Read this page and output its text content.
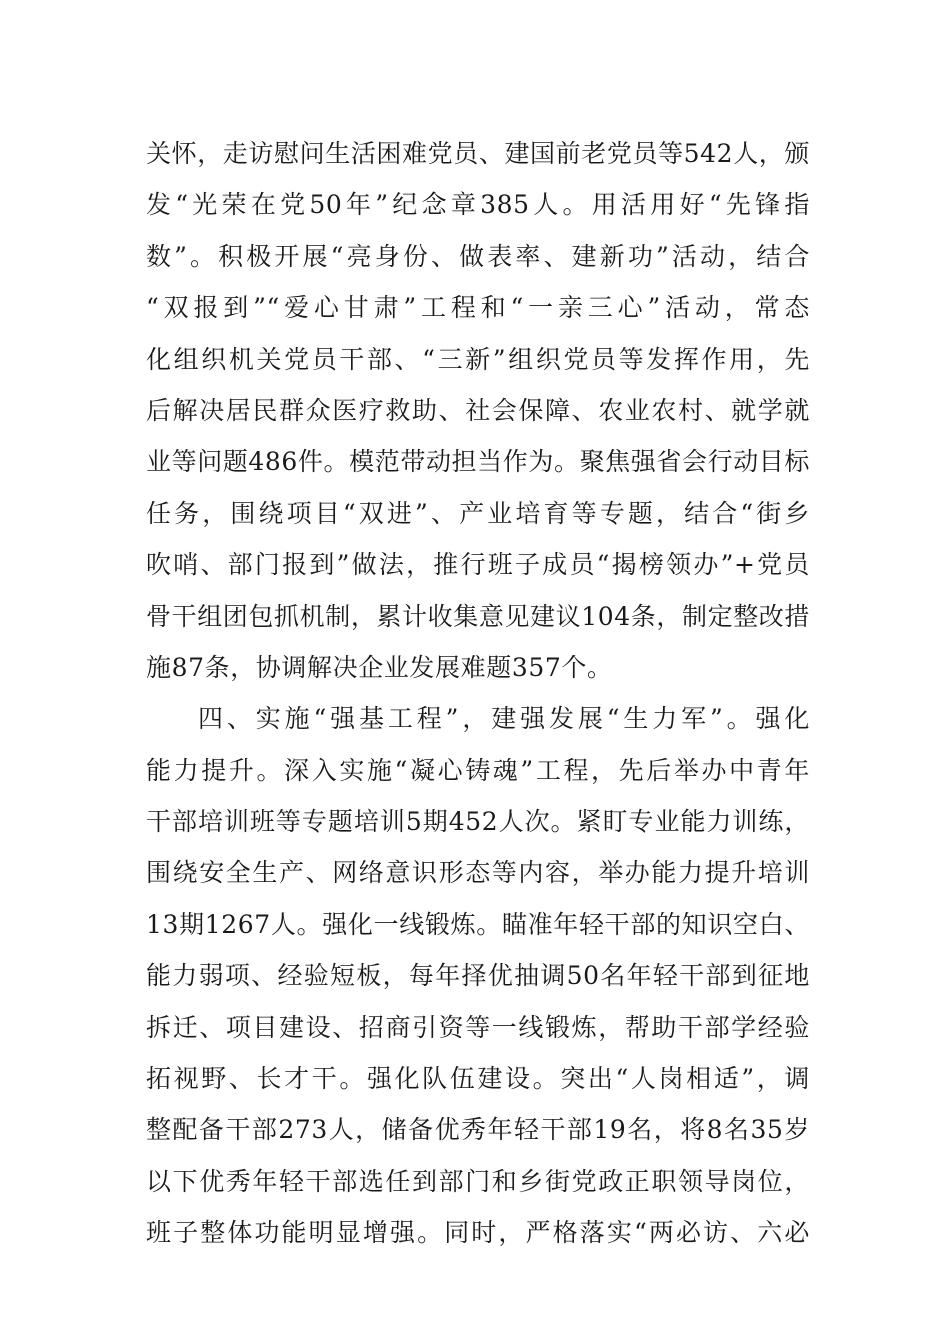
关怀，走访慰问生活困难党员、建国前老党员等542人，颁
发“光荣在党50年”纪念章385人。用活用好“先锋指
数”。积极开展“亮身份、做表率、建新功”活动，结合
“双报到”“爱心甘肃”工程和“一亲三心”活动，常态
化组织机关党员干部、“三新”组织党员等发挥作用，先
后解决居民群众医疗救助、社会保障、农业农村、就学就
业等问题486件。模范带动担当作为。聚焦强省会行动目标
任务，围绕项目“双进”、产业培育等专题，结合“街乡
吹哨、部门报到”做法，推行班子成员“揭榜领办”+党员
骨干组团包抓机制，累计收集意见建议104条，制定整改措
施87条，协调解决企业发展难题357个。
四、实施“强基工程”，建强发展“生力军”。强化
能力提升。深入实施“凝心铸魂”工程，先后举办中青年
干部培训班等专题培训5期452人次。紧盯专业能力训练，
围绕安全生产、网络意识形态等内容，举办能力提升培训
13期1267人。强化一线锻炼。瞄准年轻干部的知识空白、
能力弱项、经验短板，每年择优抽调50名年轻干部到征地
拆迁、项目建设、招商引资等一线锻炼，帮助干部学经验
拓视野、长才干。强化队伍建设。突出“人岗相适”，调
整配备干部273人，储备优秀年轻干部19名，将8名35岁
以下优秀年轻干部选任到部门和乡街党政正职领导岗位，
班子整体功能明显增强。同时，严格落实“两必访、六必
